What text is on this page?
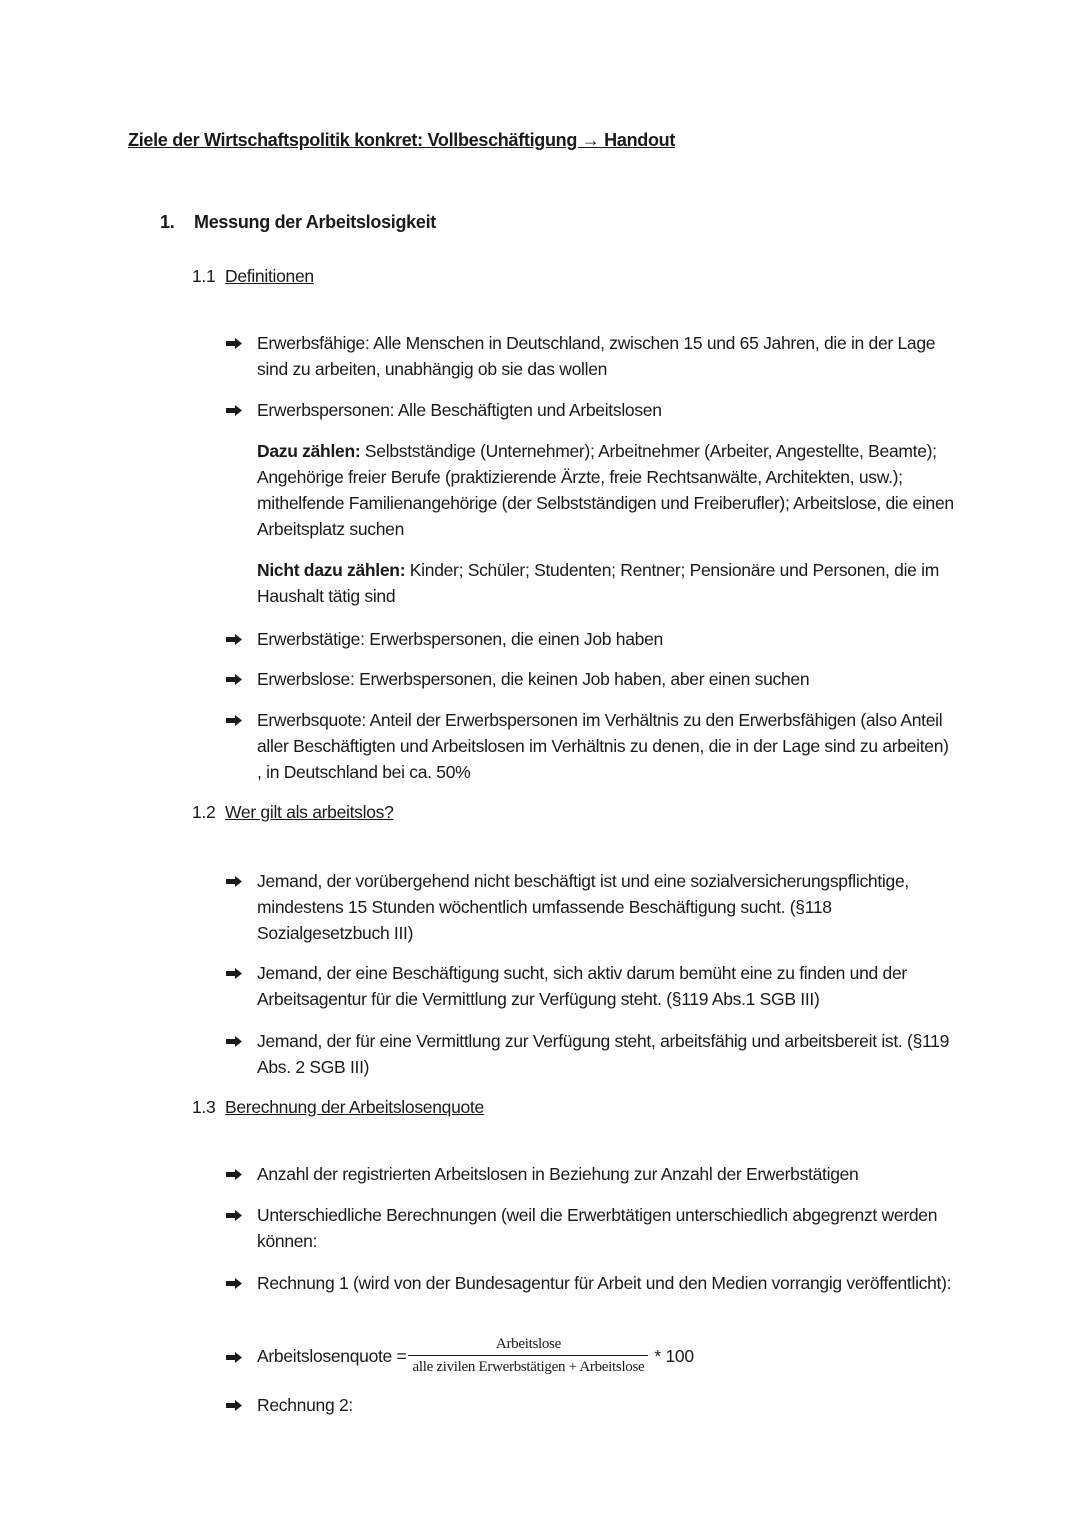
Ziele der Wirtschaftspolitik konkret: Vollbeschäftigung → Handout
1. Messung der Arbeitslosigkeit
1.1 Definitionen
Erwerbsfähige: Alle Menschen in Deutschland, zwischen 15 und 65 Jahren, die in der Lage sind zu arbeiten, unabhängig ob sie das wollen
Erwerbspersonen: Alle Beschäftigten und Arbeitslosen
Dazu zählen: Selbstständige (Unternehmer); Arbeitnehmer (Arbeiter, Angestellte, Beamte); Angehörige freier Berufe (praktizierende Ärzte, freie Rechtsanwälte, Architekten, usw.); mithelfende Familienangehörige (der Selbstständigen und Freiberufler); Arbeitslose, die einen Arbeitsplatz suchen
Nicht dazu zählen: Kinder; Schüler; Studenten; Rentner; Pensionäre und Personen, die im Haushalt tätig sind
Erwerbstätige: Erwerbspersonen, die einen Job haben
Erwerbslose: Erwerbspersonen, die keinen Job haben, aber einen suchen
Erwerbsquote: Anteil der Erwerbspersonen im Verhältnis zu den Erwerbsfähigen (also Anteil aller Beschäftigten und Arbeitslosen im Verhältnis zu denen, die in der Lage sind zu arbeiten) , in Deutschland bei ca. 50%
1.2 Wer gilt als arbeitslos?
Jemand, der vorübergehend nicht beschäftigt ist und eine sozialversicherungspflichtige, mindestens 15 Stunden wöchentlich umfassende Beschäftigung sucht. (§118 Sozialgesetzbuch III)
Jemand, der eine Beschäftigung sucht, sich aktiv darum bemüht eine zu finden und der Arbeitsagentur für die Vermittlung zur Verfügung steht. (§119 Abs.1 SGB III)
Jemand, der für eine Vermittlung zur Verfügung steht, arbeitsfähig und arbeitsbereit ist. (§119 Abs. 2 SGB III)
1.3 Berechnung der Arbeitslosenquote
Anzahl der registrierten Arbeitslosen in Beziehung zur Anzahl der Erwerbstätigen
Unterschiedliche Berechnungen (weil die Erwerbtätigen unterschiedlich abgegrenzt werden können:
Rechnung 1 (wird von der Bundesagentur für Arbeit und den Medien vorrangig veröffentlicht):
Arbeitslosenquote = $\frac{\text{Arbeitslose}}{\text{alle zivilen Erwerbstätigen + Arbeitslose}} * 100$
Rechnung 2:
